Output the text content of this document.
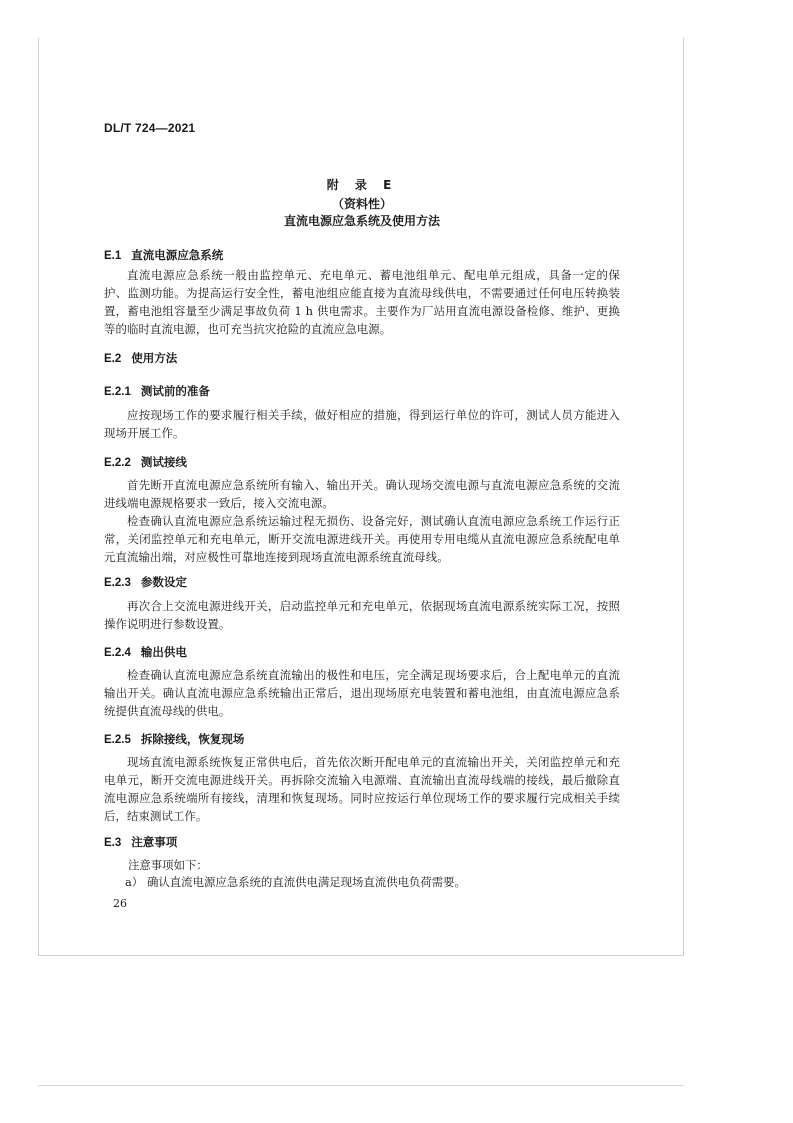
DL/T 724—2021
附 录 E
（资料性）
直流电源应急系统及使用方法
E.1 直流电源应急系统
直流电源应急系统一般由监控单元、充电单元、蓄电池组单元、配电单元组成，具备一定的保护、监测功能。为提高运行安全性，蓄电池组应能直接为直流母线供电，不需要通过任何电压转换装置，蓄电池组容量至少满足事故负荷 1 h 供电需求。主要作为厂站用直流电源设备检修、维护、更换等的临时直流电源，也可充当抗灾抢险的直流应急电源。
E.2 使用方法
E.2.1 测试前的准备
应按现场工作的要求履行相关手续，做好相应的措施，得到运行单位的许可，测试人员方能进入现场开展工作。
E.2.2 测试接线
首先断开直流电源应急系统所有输入、输出开关。确认现场交流电源与直流电源应急系统的交流进线端电源规格要求一致后，接入交流电源。
检查确认直流电源应急系统运输过程无损伤、设备完好，测试确认直流电源应急系统工作运行正常，关闭监控单元和充电单元，断开交流电源进线开关。再使用专用电缆从直流电源应急系统配电单元直流输出端，对应极性可靠地连接到现场直流电源系统直流母线。
E.2.3 参数设定
再次合上交流电源进线开关，启动监控单元和充电单元，依据现场直流电源系统实际工况，按照操作说明进行参数设置。
E.2.4 输出供电
检查确认直流电源应急系统直流输出的极性和电压，完全满足现场要求后，合上配电单元的直流输出开关。确认直流电源应急系统输出正常后，退出现场原充电装置和蓄电池组，由直流电源应急系统提供直流母线的供电。
E.2.5 拆除接线，恢复现场
现场直流电源系统恢复正常供电后，首先依次断开配电单元的直流输出开关，关闭监控单元和充电单元，断开交流电源进线开关。再拆除交流输入电源端、直流输出直流母线端的接线，最后撤除直流电源应急系统端所有接线，清理和恢复现场。同时应按运行单位现场工作的要求履行完成相关手续后，结束测试工作。
E.3 注意事项
注意事项如下：
a） 确认直流电源应急系统的直流供电满足现场直流供电负荷需要。
26
